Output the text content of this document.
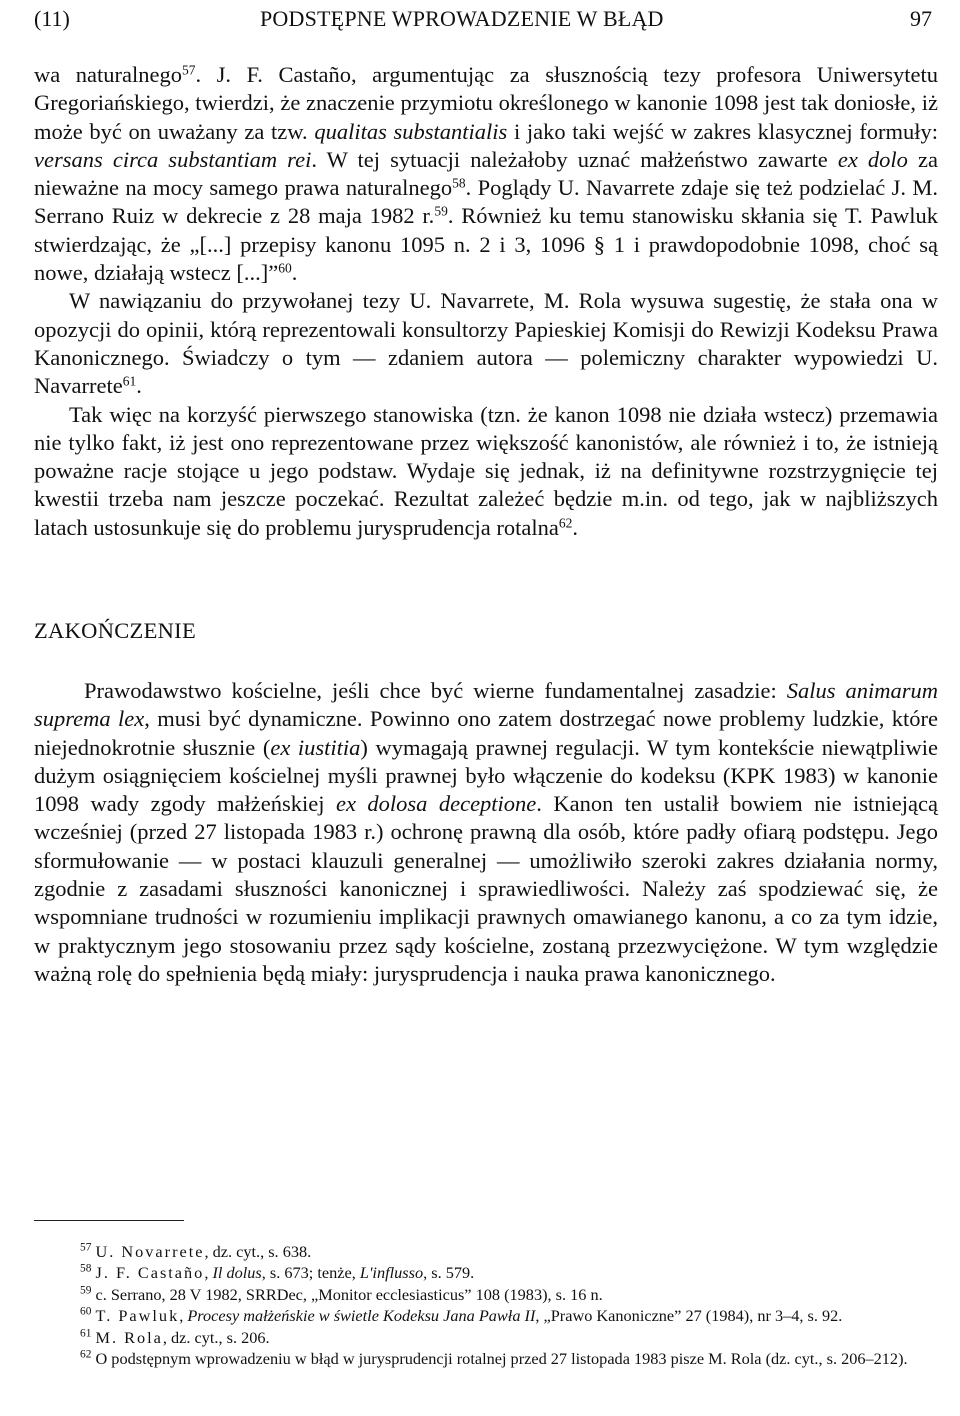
(11)	PODSTĘPNE WPROWADZENIE W BŁĄD	97

wa naturalnego$^{57}$. J. F. Castaño, argumentując za słusznością tezy profesora Uniwersytetu Gregoriańskiego, twierdzi, że znaczenie przymiotu określonego w kanonie 1098 jest tak doniosłe, iż może być on uważany za tzw. qualitas substantialis i jako taki wejść w zakres klasycznej formuły: versans circa substantiam rei. W tej sytuacji należałoby uznać małżeństwo zawarte ex dolo za nieważne na mocy samego prawa naturalnego$^{58}$. Poglądy U. Navarrete zdaje się też podzielać J. M. Serrano Ruiz w dekrecie z 28 maja 1982 r.$^{59}$. Również ku temu stanowisku skłania się T. Pawluk stwierdzając, że „[...] przepisy kanonu 1095 n. 2 i 3, 1096 § 1 i prawdopodobnie 1098, choć są nowe, działają wstecz [...]”$^{60}$.

W nawiązaniu do przywołanej tezy U. Navarrete, M. Rola wysuwa sugestię, że stała ona w opozycji do opinii, którą reprezentowali konsultorzy Papieskiej Komisji do Rewizji Kodeksu Prawa Kanonicznego. Świadczy o tym — zdaniem autora — polemiczny charakter wypowiedzi U. Navarrete$^{61}$.

Tak więc na korzyść pierwszego stanowiska (tzn. że kanon 1098 nie działa wstecz) przemawia nie tylko fakt, iż jest ono reprezentowane przez większość kanonistów, ale również i to, że istnieją poważne racje stojące u jego podstaw. Wydaje się jednak, iż na definitywne rozstrzygnięcie tej kwestii trzeba nam jeszcze poczekać. Rezultat zależeć będzie m.in. od tego, jak w najbliższych latach ustosunkuje się do problemu jurysprudencja rotalna$^{62}$.

ZAKOŃCZENIE

Prawodawstwo kościelne, jeśli chce być wierne fundamentalnej zasadzie: Salus animarum suprema lex, musi być dynamiczne. Powinno ono zatem dostrzegać nowe problemy ludzkie, które niejednokrotnie słusznie (ex iustitia) wymagają prawnej regulacji. W tym kontekście niewątpliwie dużym osiągnięciem kościelnej myśli prawnej było włączenie do kodeksu (KPK 1983) w kanonie 1098 wady zgody małżeńskiej ex dolosa deceptione. Kanon ten ustalił bowiem nie istniejącą wcześniej (przed 27 listopada 1983 r.) ochronę prawną dla osób, które padły ofiarą podstępu. Jego sformułowanie — w postaci klauzuli generalnej — umożliwiło szeroki zakres działania normy, zgodnie z zasadami słuszności kanonicznej i sprawiedliwości. Należy zaś spodziewać się, że wspomniane trudności w rozumieniu implikacji prawnych omawianego kanonu, a co za tym idzie, w praktycznym jego stosowaniu przez sądy kościelne, zostaną przezwyciężone. W tym względzie ważną rolę do spełnienia będą miały: jurysprudencja i nauka prawa kanonicznego.

$^{57}$ U. Novarrete, dz. cyt., s. 638.

$^{58}$ J. F. Castaño, Il dolus, s. 673; tenże, L'influsso, s. 579.

$^{59}$ c. Serrano, 28 V 1982, SRRDec, „Monitor ecclesiasticus” 108 (1983), s. 16 n.

$^{60}$ T. Pawluk, Procesy małżeńskie w świetle Kodeksu Jana Pawła II, „Prawo Kanoniczne” 27 (1984), nr 3–4, s. 92.

$^{61}$ M. Rola, dz. cyt., s. 206.

$^{62}$ O podstępnym wprowadzeniu w błąd w jurysprudencji rotalnej przed 27 listopada 1983 pisze M. Rola (dz. cyt., s. 206–212).
